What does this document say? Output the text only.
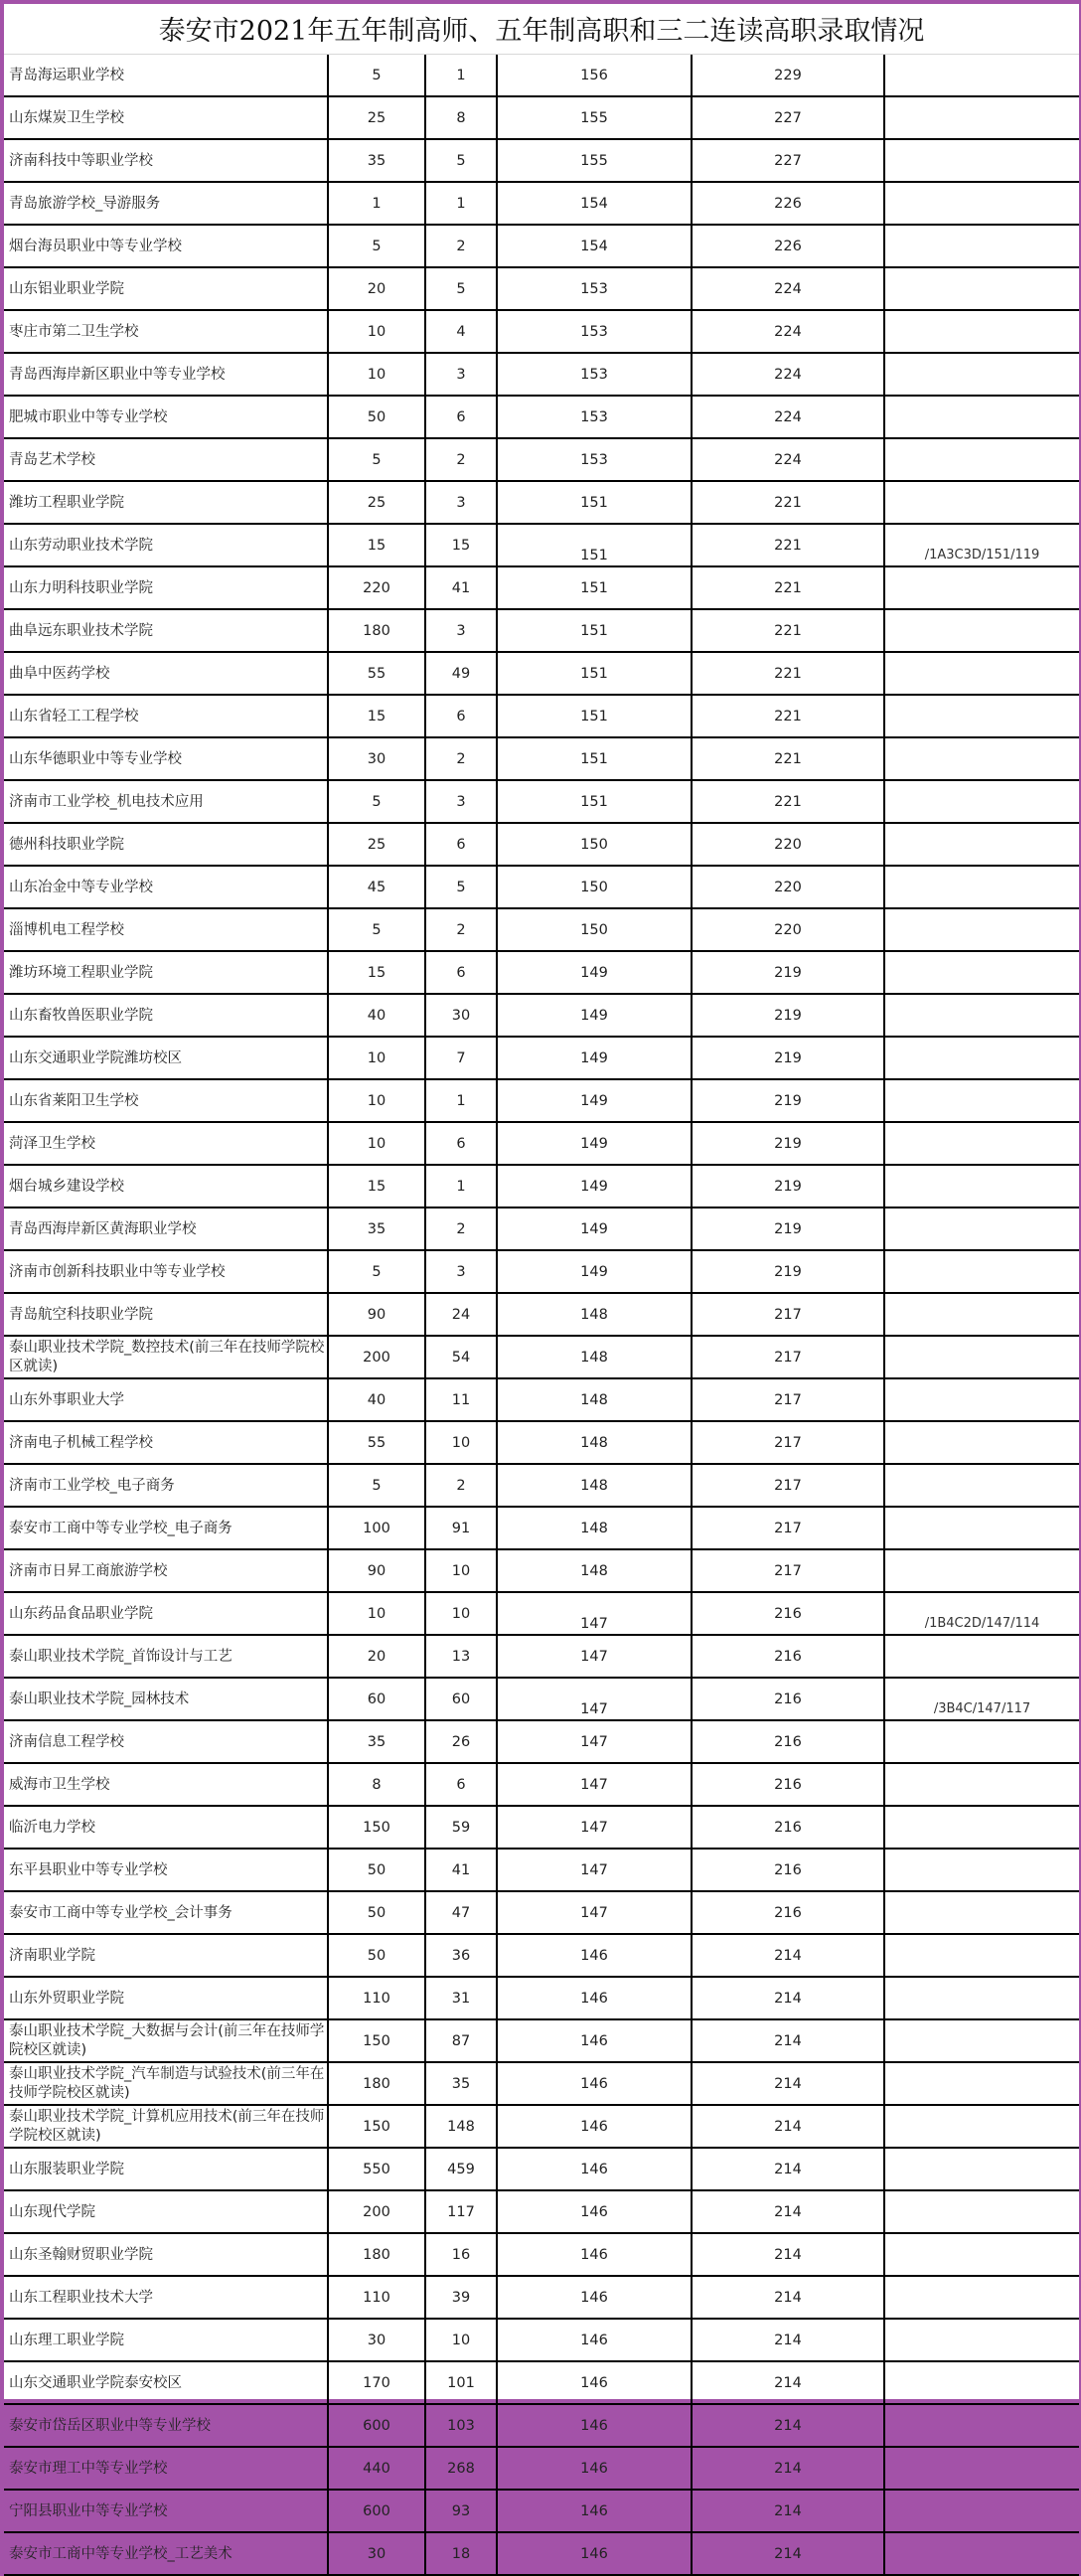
泰安市2021年五年制高师、五年制高职和三二连读高职录取情况
青岛海运职业学校	5	1	156	229	
山东煤炭卫生学校	25	8	155	227	
济南科技中等职业学校	35	5	155	227	
青岛旅游学校_导游服务	1	1	154	226	
烟台海员职业中等专业学校	5	2	154	226	
山东铝业职业学院	20	5	153	224	
枣庄市第二卫生学校	10	4	153	224	
青岛西海岸新区职业中等专业学校	10	3	153	224	
肥城市职业中等专业学校	50	6	153	224	
青岛艺术学校	5	2	153	224	
潍坊工程职业学院	25	3	151	221	
山东劳动职业技术学院	15	15	151	221	/1A3C3D/151/119
山东力明科技职业学院	220	41	151	221	
曲阜远东职业技术学院	180	3	151	221	
曲阜中医药学校	55	49	151	221	
山东省轻工工程学校	15	6	151	221	
山东华德职业中等专业学校	30	2	151	221	
济南市工业学校_机电技术应用	5	3	151	221	
德州科技职业学院	25	6	150	220	
山东冶金中等专业学校	45	5	150	220	
淄博机电工程学校	5	2	150	220	
潍坊环境工程职业学院	15	6	149	219	
山东畜牧兽医职业学院	40	30	149	219	
山东交通职业学院潍坊校区	10	7	149	219	
山东省莱阳卫生学校	10	1	149	219	
菏泽卫生学校	10	6	149	219	
烟台城乡建设学校	15	1	149	219	
青岛西海岸新区黄海职业学校	35	2	149	219	
济南市创新科技职业中等专业学校	5	3	149	219	
青岛航空科技职业学院	90	24	148	217	
泰山职业技术学院_数控技术(前三年在技师学院校区就读)	200	54	148	217	
山东外事职业大学	40	11	148	217	
济南电子机械工程学校	55	10	148	217	
济南市工业学校_电子商务	5	2	148	217	
泰安市工商中等专业学校_电子商务	100	91	148	217	
济南市日昇工商旅游学校	90	10	148	217	
山东药品食品职业学院	10	10	147	216	/1B4C2D/147/114
泰山职业技术学院_首饰设计与工艺	20	13	147	216	
泰山职业技术学院_园林技术	60	60	147	216	/3B4C/147/117
济南信息工程学校	35	26	147	216	
威海市卫生学校	8	6	147	216	
临沂电力学校	150	59	147	216	
东平县职业中等专业学校	50	41	147	216	
泰安市工商中等专业学校_会计事务	50	47	147	216	
济南职业学院	50	36	146	214	
山东外贸职业学院	110	31	146	214	
泰山职业技术学院_大数据与会计(前三年在技师学院校区就读)	150	87	146	214	
泰山职业技术学院_汽车制造与试验技术(前三年在技师学院校区就读)	180	35	146	214	
泰山职业技术学院_计算机应用技术(前三年在技师学院校区就读)	150	148	146	214	
山东服装职业学院	550	459	146	214	
山东现代学院	200	117	146	214	
山东圣翰财贸职业学院	180	16	146	214	
山东工程职业技术大学	110	39	146	214	
山东理工职业学院	30	10	146	214	
山东交通职业学院泰安校区	170	101	146	214	
泰安市岱岳区职业中等专业学校	600	103	146	214	
泰安市理工中等专业学校	440	268	146	214	
宁阳县职业中等专业学校	600	93	146	214	
泰安市工商中等专业学校_工艺美术	30	18	146	214	
